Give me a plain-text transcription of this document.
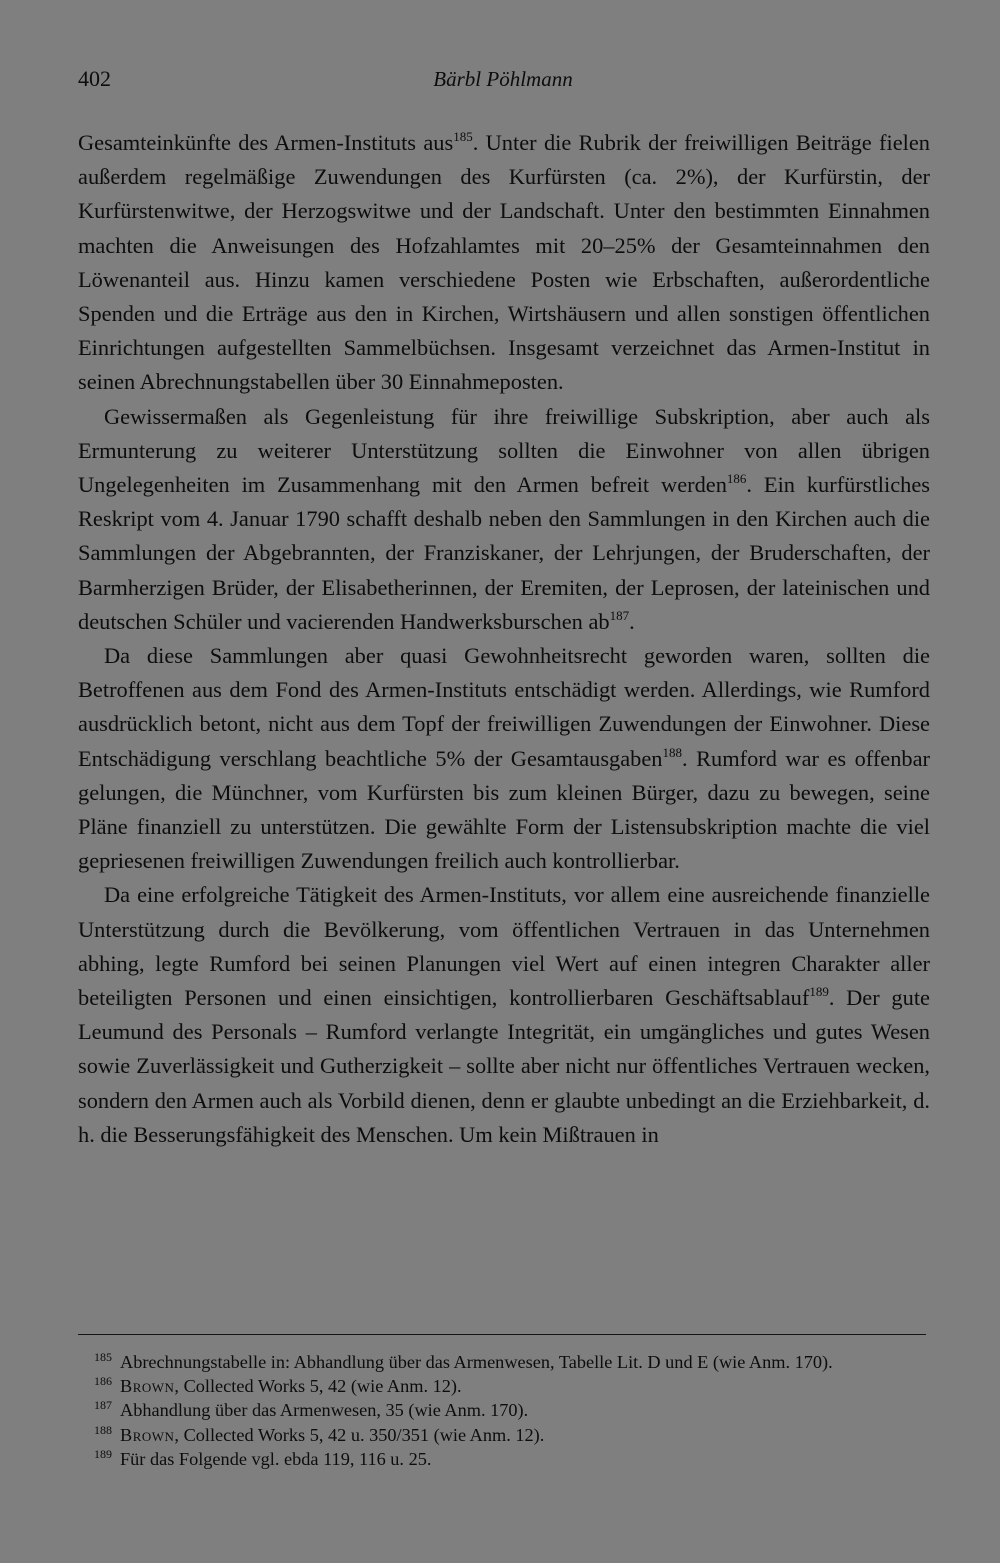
402	Bärbl Pöhlmann

Gesamteinkünfte des Armen-Instituts aus$^{185}$. Unter die Rubrik der freiwilligen Beiträge fielen außerdem regelmäßige Zuwendungen des Kurfürsten (ca. 2%), der Kurfürstin, der Kurfürstenwitwe, der Herzogswitwe und der Landschaft. Unter den bestimmten Einnahmen machten die Anweisungen des Hofzahlamtes mit 20–25% der Gesamteinnahmen den Löwenanteil aus. Hinzu kamen verschiedene Posten wie Erbschaften, außerordentliche Spenden und die Erträge aus den in Kirchen, Wirtshäusern und allen sonstigen öffentlichen Einrichtungen aufgestellten Sammelbüchsen. Insgesamt verzeichnet das Armen-Institut in seinen Abrechnungstabellen über 30 Einnahmeposten.

Gewissermaßen als Gegenleistung für ihre freiwillige Subskription, aber auch als Ermunterung zu weiterer Unterstützung sollten die Einwohner von allen übrigen Ungelegenheiten im Zusammenhang mit den Armen befreit werden$^{186}$. Ein kurfürstliches Reskript vom 4. Januar 1790 schafft deshalb neben den Sammlungen in den Kirchen auch die Sammlungen der Abgebrannten, der Franziskaner, der Lehrjungen, der Bruderschaften, der Barmherzigen Brüder, der Elisabetherinnen, der Eremiten, der Leprosen, der lateinischen und deutschen Schüler und vacierenden Handwerksburschen ab$^{187}$.

Da diese Sammlungen aber quasi Gewohnheitsrecht geworden waren, sollten die Betroffenen aus dem Fond des Armen-Instituts entschädigt werden. Allerdings, wie Rumford ausdrücklich betont, nicht aus dem Topf der freiwilligen Zuwendungen der Einwohner. Diese Entschädigung verschlang beachtliche 5% der Gesamtausgaben$^{188}$. Rumford war es offenbar gelungen, die Münchner, vom Kurfürsten bis zum kleinen Bürger, dazu zu bewegen, seine Pläne finanziell zu unterstützen. Die gewählte Form der Listensubskription machte die viel gepriesenen freiwilligen Zuwendungen freilich auch kontrollierbar.

Da eine erfolgreiche Tätigkeit des Armen-Instituts, vor allem eine ausreichende finanzielle Unterstützung durch die Bevölkerung, vom öffentlichen Vertrauen in das Unternehmen abhing, legte Rumford bei seinen Planungen viel Wert auf einen integren Charakter aller beteiligten Personen und einen einsichtigen, kontrollierbaren Geschäftsablauf$^{189}$. Der gute Leumund des Personals – Rumford verlangte Integrität, ein umgängliches und gutes Wesen sowie Zuverlässigkeit und Gutherzigkeit – sollte aber nicht nur öffentliches Vertrauen wecken, sondern den Armen auch als Vorbild dienen, denn er glaubte unbedingt an die Erziehbarkeit, d. h. die Besserungsfähigkeit des Menschen. Um kein Mißtrauen in

$^{185}$ Abrechnungstabelle in: Abhandlung über das Armenwesen, Tabelle Lit. D und E (wie Anm. 170).

$^{186}$ Brown, Collected Works 5, 42 (wie Anm. 12).

$^{187}$ Abhandlung über das Armenwesen, 35 (wie Anm. 170).

$^{188}$ Brown, Collected Works 5, 42 u. 350/351 (wie Anm. 12).

$^{189}$ Für das Folgende vgl. ebda 119, 116 u. 25.
